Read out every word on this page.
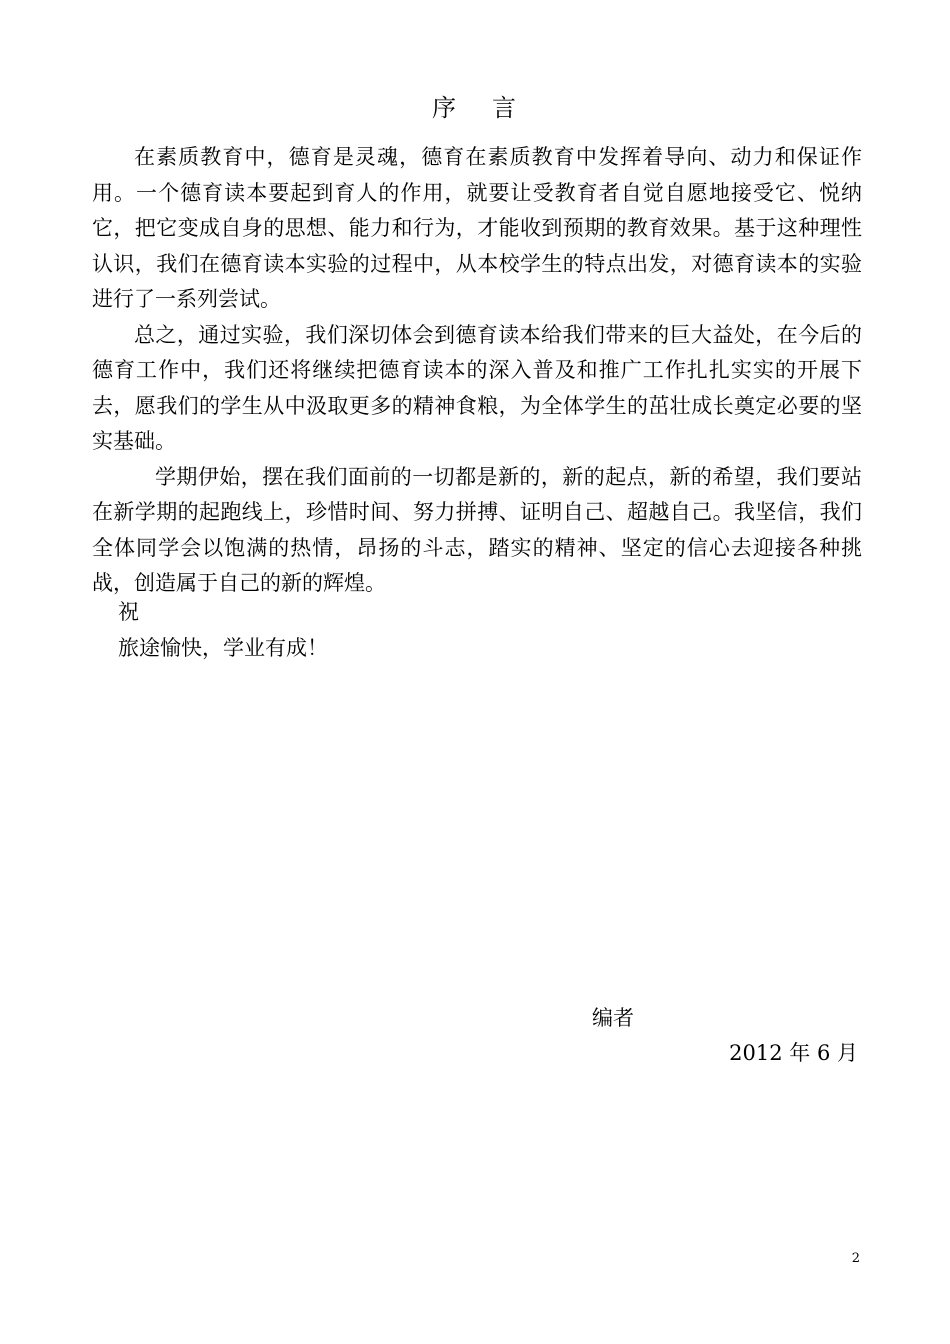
序 言

在素质教育中，德育是灵魂，德育在素质教育中发挥着导向、动力和保证作用。一个德育读本要起到育人的作用，就要让受教育者自觉自愿地接受它、悦纳它，把它变成自身的思想、能力和行为，才能收到预期的教育效果。基于这种理性认识，我们在德育读本实验的过程中，从本校学生的特点出发，对德育读本的实验进行了一系列尝试。

总之，通过实验，我们深切体会到德育读本给我们带来的巨大益处，在今后的德育工作中，我们还将继续把德育读本的深入普及和推广工作扎扎实实的开展下去，愿我们的学生从中汲取更多的精神食粮，为全体学生的茁壮成长奠定必要的坚实基础。

学期伊始，摆在我们面前的一切都是新的，新的起点，新的希望，我们要站在新学期的起跑线上，珍惜时间、努力拼搏、证明自己、超越自己。我坚信，我们全体同学会以饱满的热情，昂扬的斗志，踏实的精神、坚定的信心去迎接各种挑战，创造属于自己的新的辉煌。

祝
旅途愉快，学业有成！
编者
2012 年 6 月
2
